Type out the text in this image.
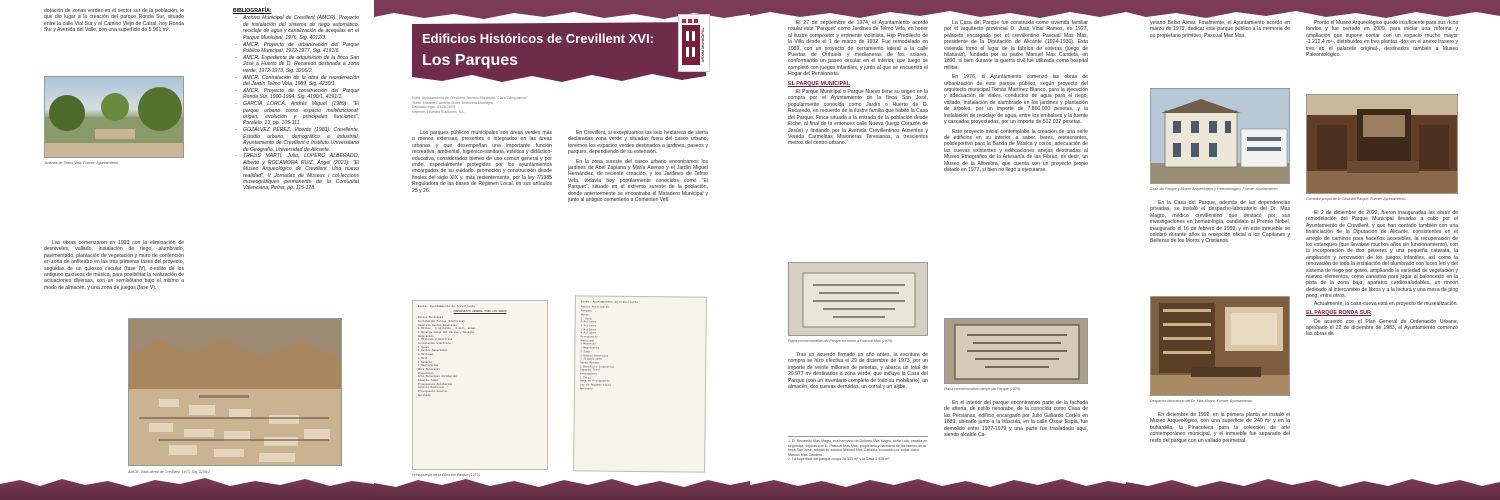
dotación de zonas verdes en el sector sur de la población, lo que dio lugar a la creación del parque Ronda Sur, situado entre la calle Vial Sur y el Camino Viejo de Catral, hoy Ronda Sur y Avenida del Valle, con una superficie de 5.961 m².

Jardines de Teimo Vela. Fuente: Ayuntamiento

Las obras comenzaron en 1993 con la eliminación de desniveles, vallado, instalación de riego, alumbrado, pavimentado, plantación de vegetación y muro de contención en zona de anfiteatro en las tres primeras fases del proyecto, seguidas de un quiosco circular (fase IV), e-exlito de los antiguos quioscos de música, para posibilitar la realización de actuaciones diversas, con un semisótano bajo el mismo a modo de almacén, y una zona de juegos (fase V).

BIBLIOGRAFÍA:

- Archivo Municipal de Crevillent (AMCR). Proyecto de instalación del sistema de riego automático, reciclaje de agua y canalización de acequias en el Parque Municipal, 1976, Sig. 4012/3.

- AMCR. Proyecto de urbanización del Parque Público Municipal, 1972-1977, Sig. 4191/6.

- AMCR. Expediente de adquisición de la finca San José a Huerto de D. Recaredo destinada a zona verde, 1972-1973, Sig. 3206/2.

- AMCR. Contratación de la obra de reordenación del Jardín Telmo Vela, 1989, Sig. 4230/1.

- AMCR. Proyecto de construcción del Parque Ronda Sur, 1990-1994, Sig. 4190/1, 4191/1.

- GARCÍA LORCA, Andrés Miguel (1989): "El parque urbano como espacio multifuncional: origen, evolución y principales funciones", Paralelo, 13, pp. 105-111.

- GOZÁLVEZ PÉREZ, Vicente (1983): Crevillente. Estudio urbano, demográfico e industrial, Ayuntamiento de Crevillent e Instituto Universitario de Geografía, Universidad de Alicante.

- TRELIS MARTÍ, Julio, LOPERO ALBERADO, Alberto y ROCAMORA RUIZ, Ángel (2021): "El Museo Arqueológico de Crevillent. Una nueva realidad", V Jornadas de Museus i col·leccions museogràfiques permanents de la Comunitat Valenciana, Petrer, pp. 115-128.

AMCR. Vista aérea de Crevillent, 1973, Sig. 3206/2.
Edificios Históricos de Crevillent XVI:
Los Parques	ARXIU MUNICIPAL
Edita: Ayuntamiento de Crevillent. Archivo Municipal "Clara Campoamor"
Texto: Elisabet Candela Oliver. Archivera Municipal
Depósito legal: A 126-2003
Imprime: Leonard Ediciones, S.L.

Los parques públicos municipales son áreas verdes más o menos extensas, presentes e integrados en las áreas urbanas y que desempeñan una importante función recreativa, ambiental, higiénico-sanitaria, estética y didáctico-educativa, considerados bienes de uso común general y por ende, especialmente protegidos por los ayuntamientos encargados de su cuidado, promoción y construcción desde finales del siglo XIX y, más recientemente, por la ley 7/1985 Reguladora de las bases de Régimen Local, en sus artículos 25 y 26.

En Crevillent, si exceptuamos las seis hectáreas de sierra declaradas zona verde y situadas fuera del casco urbano, tenemos los espacios verdes destinados a jardines, paseos y parques, dependiendo de su extensión.

En la zona sureste del casco urbano encontramos los jardines de Abel Zaplana y María Asenso y el Jardín Miguel Hernández, de reciente creación, y los Jardines de Telmo Vela, todavía hoy popularmente conocidos como "El Parquet", situado en el extremo sureste de la población, donde anteriormente se encontraba el Matadero Municipal y junto al antiguo cementerio a Cementeri Vell.

Excmo. Ayuntamiento de Crevillente
PRESUPUESTO GENERAL PARA LAS OBRAS
Parque Municipal
Instalación Parque (Eléctrica)
Capítulo Gastos Generales
1 Millas - 1 millones - 1 mill. dunas
1 Recarga Fuego del Parque y Desagüe
Depuración
1 Millones 2 Eléctrica
Instalación Eléctrica
1 Sumas
1 Gastos Materiales
2 Millones
1 Mill.
1 Sumario
1 Imprevistos
Obra Municipal
Prevención
Arte-Municipal Aprobación
Importe Total
Presupuesto Aprobación
Asiento Municipal
Presupuesto General
Aprobado
Presupuesto de la Obra del Parque (1973)
Excmo. Ayuntamiento de Crevillente
Gastos Municipales
Parques
Obras
1. Obra
2 Millones
3 Millones
1 Millones
4 Millones
Presupuesto
Municipal
1 Material
1 Maquinaria
2 Suma
1 Gastos Generales
1 Asignaciones
Obras Parque
1 Beneficio Industrial
Importe Total
Presupuesto
1 Total
Suma de Presupuesto
Ley de Régimen Local
Aprobado

El 27 de septiembre de 1974, el Ayuntamiento acordó rotular este "Parquet" como Jardines de Telmo Vela, en honor al ilustre compositor y eminente violinista, Hijo Predilecto de la Villa desde el 1 de marzo de 1932. Fue remodelado en 1989, con un proyecto de cerramiento lateral a la calle Puertas de Orihuela y medianeras de los solares, conformando un paseo circular en el interior, que luego se completó con juegos infantiles, y junto al que se encuentra el Hogar del Pensionista.

EL PARQUE MUNICIPAL

El Parque Municipal o Parque Nuevo tiene su origen en la compra por el Ayuntamiento de la finca San José, popularmente conocida como Jardín o Huerto de D. Recaredo, en recuerdo de la ilustre familia que habitó la Casa del Parque. Finca situada a la entrada de la población desde Elche, al final de la entonces calle Nueva (luego Corazón de Jesús) y lindando por la Avenida Crevillentinos Ausentes y Vereda Carmelitas Misioneras Teresianas, a trescientos metros del centro urbano.

Placa conmemorativa del Parque en honor a Pascual Mas (1979).

Tras un acuerdo firmado un año antes, la escritura de compra se hizo efectiva el 29 de diciembre de 1973, por un importe de veinte millones de pesetas, y abarca un total de 29.977 m² destinados a zona verde, que incluye la Casa del Parque (con un inventario completo de todo su mobiliario), un almacén, dos cuevas derruidas, un corral y un aljibe.

1. D. Recaredo Mas Magro, era hermano de Dolores Mas Magro, doña Lola, casada en segundas nupcias con D. Pascual Mas Mas, propietario y heredera de los bienes de la finca San José, adoptó su sobrino Manuel Mas Candela, conocido por todos como Manuel Mas Candela.
2. La superficie del parque ocupa 28.551 m² y la Casa 1.426 m².

La Casa del Parque fue construida como vivienda familiar por el arquitecto provincial D. Juan Vidal Ramos, en 1927, palacete encargado por el crevillentino Pascual Mas Mas, presidente de la Diputación de Alicante (1924-1930). Esta vivienda tomó el lugar de la fábrica de esteras (luego de hilaturas), fundada por su padre Manuel Mas Candela, en 1890, si bien durante la guerra civil fue utilizada como hospital militar.

En 1976, el Ayuntamiento comenzó las obras de urbanización de este parque público, según proyecto del arquitecto municipal Tomás Martínez Blanco, para la ejecución y adecuación de viales, conductos de agua para el riego, vallado, instalación de alumbrado en los jardines y plantación de árboles, por un importe de 7.800.000 pesetas, y la instalación de reciclaje de agua, entre los embalses y la fuente y cascadas proyectadas, por un importe de 512.032 pesetas.

Este proyecto inicial contemplaba la creación de una serie de edificios en su interior, a saber, bares, restaurantes, polideportivo para la Banda de Música y coros, adecuación de las cuevas existentes y edificaciones anejas destinadas al Museo Etnográfico de la Artesanía de las Fibras, es decir, un Museo de la Alfombra, que cuenta con un proyecto propio datado en 1977, si bien no llegó a ejecutarse.

Placa conmemorativa campo del Parque (1979).

En el interior del parque encontramos parte de la fachada de afterta, de estilo neoárabe, de la conocida como Casa de las Persianas, edificio encargado por Julio Galiardo Cortés en 1889, ubicado junto a la báscula, en la calle Óscar Esplá, fue demolido entre 1977-1979 y una parte fue trasladada aquí, siendo alcalde Ca-

yetano Belso Asnar. Finalmente, el Ayuntamiento acordó en marzo de 1979, dedicar este parque público a la memoria de su propietario primitivo, Pascual Mas Mas.

Casa del Parque y Museo Arqueológico y Paleontológico. Fuente: Ayuntamiento.

En la Casa del Parque, además de las dependencias privadas, se instaló el despacho-laboratorio del Dr. Mas Magro, médico crevillentino que destacó por sus investigaciones en hematología, candidato al Premio Nobel, inaugurado el 16 de febrero de 1959, y en este inmueble se celebró durante años la recepción oficial a los Capitanes y Bellezas de los Moros y Cristianos.

Despacho-laboratorio del Dr. Mas Magro. Fuente: Ayuntamiento.

En diciembre de 1992, en la primera planta se instaló el Museo Arqueológico, con una superficie de 240 m² y en la buhardilla, la Pinacoteca para la colección de arte contemporáneo municipal, y el inmueble fue separado del resto del parque con un vallado perimetral.

Pronto el Museo Arqueológico quedó insuficiente para sus ricos fondos y fue cerrado en 2009, para iniciar una reforma y ampliación que supone contar con un espacio mucho mayor -1.212,4 m²-, distribuidos en tres plantas -dos en el anexo trasero y tres en el palacete original-, destinados también a Museo Paleontológico.

Comedor propio de la Casa del Parque. Fuente: Ayuntamiento.

El 2 de diciembre de 2022, fueron inauguradas las obras de remodelación del Parque Municipal llevadas a cabo por el Ayuntamiento de Crevillent, y que han contado también con una financiación de la Diputación de Alicante, consistentes en el arreglo de caminos para hacerlos accesibles, la recuperación de los estanques (que llevaban muchos años sin funcionamiento), con la incorporación de dos géiseres y una pequeña catarata, la ampliación y renovación de los juegos infantiles, así como la renovación de toda la instalación del alumbrado con luces led y del sistema de riego por goteo, ampliando la variedad de vegetación y nuevos elementos, como canastas para jugar al baloncesto en la pista de la zona baja, aparatos cardiosaludables, un rincón dedicado al intercambio de libros y a la lectura y una mesa de ping pong, entre otros.

Actualmente, la casa-cueva está en proyecto de musealización.

EL PARQUE RONDA SUR

De acuerdo con el Plan General de Ordenación Urbana, aprobado el 22 de diciembre de 1983, el Ayuntamiento comenzó las obras de
